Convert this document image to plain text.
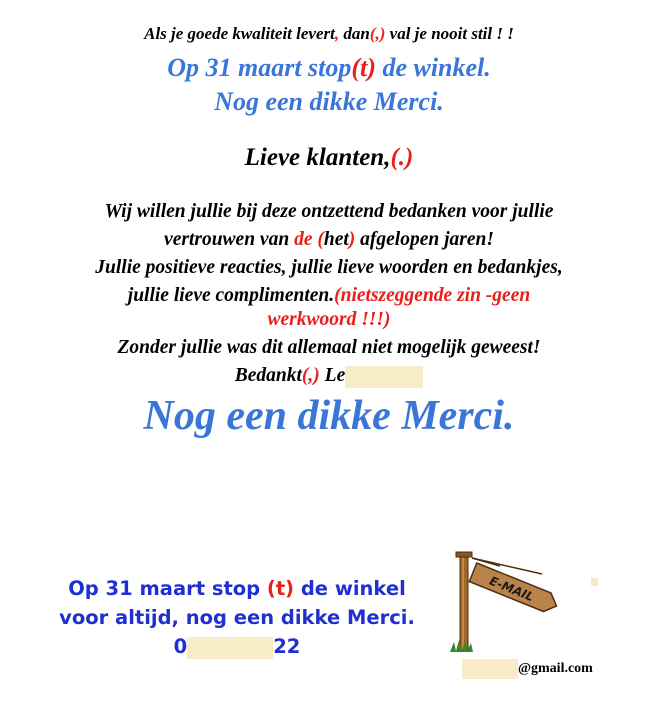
Als je goede kwaliteit levert, dan(,) val je nooit stil ! !
Op 31 maart stop(t) de winkel.
Nog een dikke Merci.
Lieve klanten,(.)
Wij willen jullie bij deze ontzettend bedanken voor jullie
vertrouwen van de (het) afgelopen jaren!
Jullie positieve reacties, jullie lieve woorden en bedankjes,
jullie lieve complimenten.(nietszeggende zin -geen
werkwoord !!!)
Zonder jullie was dit allemaal niet mogelijk geweest!
Bedankt(,) Le
Nog een dikke Merci.
Op 31 maart stop (t) de winkel
voor altijd, nog een dikke Merci.
0	22
E-MAIL
@gmail.com
